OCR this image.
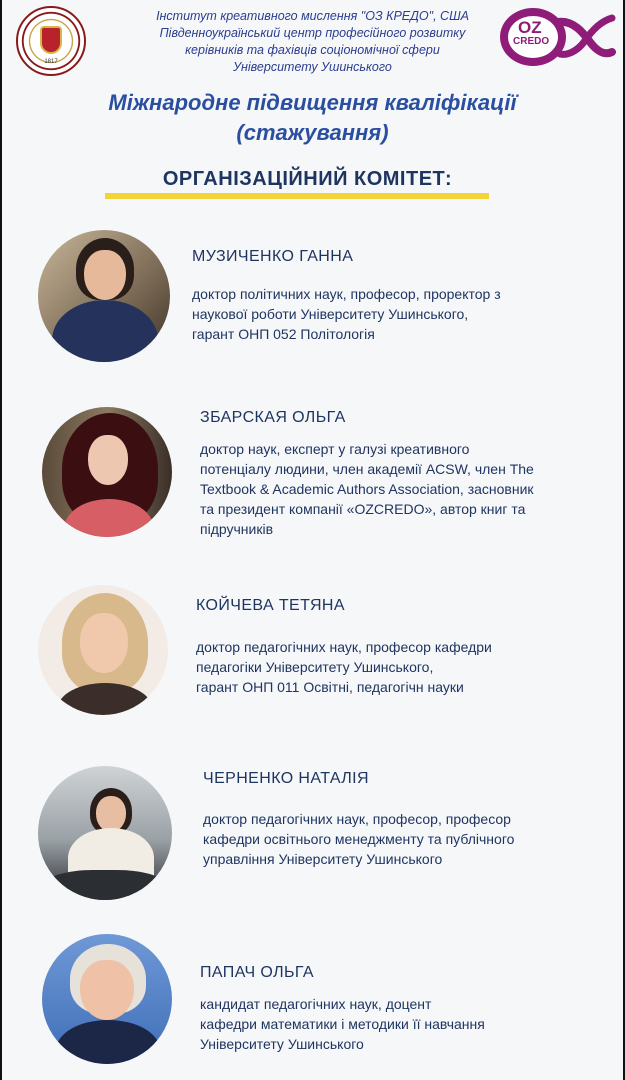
1817
Інститут креативного мислення "ОЗ КРЕДО", США
Південноукраїнський центр професійного розвитку
керівників та фахівців соціономічної сфери
Університету Ушинського
OZ
CREDO
Міжнародне підвищення кваліфікації
(стажування)
ОРГАНІЗАЦІЙНИЙ КОМІТЕТ:
МУЗИЧЕНКО ГАННА
доктор політичних наук, професор, проректор з
наукової роботи Університету Ушинського,
гарант ОНП 052 Політологія
ЗБАРСКАЯ ОЛЬГА
доктор наук, експерт у галузі креативного
потенціалу людини, член академії ACSW, член The
Textbook & Academic Authors Association, засновник
та президент компанії «OZCREDO», автор книг та
підручників
КОЙЧЕВА ТЕТЯНА
доктор педагогічних наук, професор кафедри
педагогіки Університету Ушинського,
гарант ОНП 011 Освітні, педагогічн науки
ЧЕРНЕНКО НАТАЛІЯ
доктор педагогічних наук, професор, професор
кафедри освітнього менеджменту та публічного
управління Університету Ушинського
ПАПАЧ ОЛЬГА
кандидат педагогічних наук, доцент
кафедри математики і методики її навчання
Університету Ушинського
